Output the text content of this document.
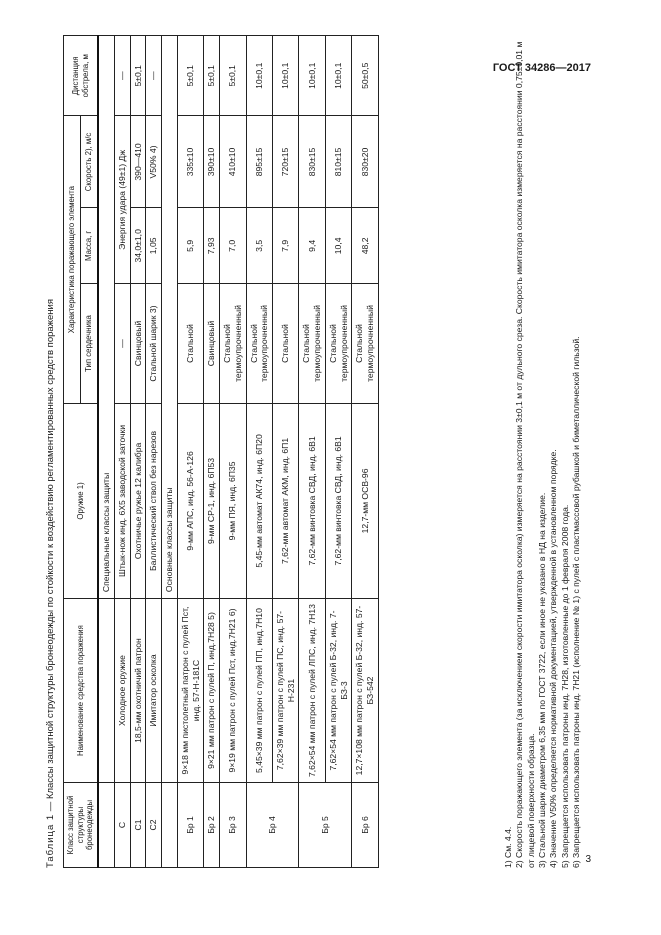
ГОСТ 34286—2017
Таблица 1 — Классы защитной структуры бронеодежды по стойкости к воздействию регламентированных средств поражения
Класс защитной структуры бронеодежды	Наименование средства поражения	Оружие 1)	Характеристика поражающего элемента			Дистанция обстрела, м
			Тип сердечника	Масса, г	Скорость 2), м/с	
		Специальные классы защиты				
С	Холодное оружие	Штык-нож инд. 6Х5 заводской заточки	—	Энергия удара (49±1) Дж		—
С1	18,5-мм охотничий патрон	Охотничье ружье 12 калибра	Свинцовый	34,0±1,0	390—410	5±0,1
С2	Имитатор осколка	Баллистический ствол без нарезов	Стальной шарик 3)	1,05	V50% 4)	—
		Основные классы защиты				
Бр 1	9×18 мм пистолетный патрон с пулей Пст, инд. 57-Н-181С	9-мм АПС, инд. 56-А-126	Стальной	5,9	335±10	5±0,1
Бр 2	9×21 мм патрон с пулей П, инд.7Н28 5)	9-мм СР-1, инд. 6П53	Свинцовый	7,93	390±10	5±0,1
Бр 3	9×19 мм патрон с пулей Пст, инд.7Н21 6)	9-мм ПЯ, инд. 6П35	Стальной термоупрочненный	7,0	410±10	5±0,1
Бр 4	5,45×39 мм патрон с пулей ПП, инд.7Н10	5,45-мм автомат АК74, инд. 6П20	Стальной термоупрочненный	3,5	895±15	10±0,1
	7,62×39 мм патрон с пулей ПС, инд. 57-Н-231	7,62-мм автомат АКМ, инд. 6П1	Стальной	7,9	720±15	10±0,1
Бр 5	7,62×54 мм патрон с пулей ЛПС, инд. 7Н13	7,62-мм винтовка СВД, инд. 6В1	Стальной термоупрочненный	9,4	830±15	10±0,1
	7,62×54 мм патрон с пулей Б-32, инд. 7-БЗ-3	7,62-мм винтовка СВД, инд. 6В1	Стальной термоупрочненный	10,4	810±15	10±0,1
Бр 6	12,7×108 мм патрон с пулей Б-32, инд. 57-БЗ-542	12,7-мм ОСВ-96	Стальной термоупрочненный	48,2	830±20	50±0,5
1) См. 4.4. 2) Скорость поражающего элемента (за исключением скорости имитатора осколка) измеряется на расстоянии 3±0,1 м от дульного среза. Скорость имитатора осколка измеряется на расстоянии 0,75±0,01 м от лицевой поверхности образца. 3) Стальной шарик диаметром 6,35 мм по ГОСТ 3722, если иное не указано в НД на изделие. 4) Значение V50% определяется нормативной документацией, утвержденной в установленном порядке. 5) Запрещается использовать патроны инд. 7Н28, изготовленные до 1 февраля 2008 года. 6) Запрещается использовать патроны инд. 7Н21 (исполнение № 1) с пулей с пластмассовой рубашкой и биметаллической гильзой. 3
